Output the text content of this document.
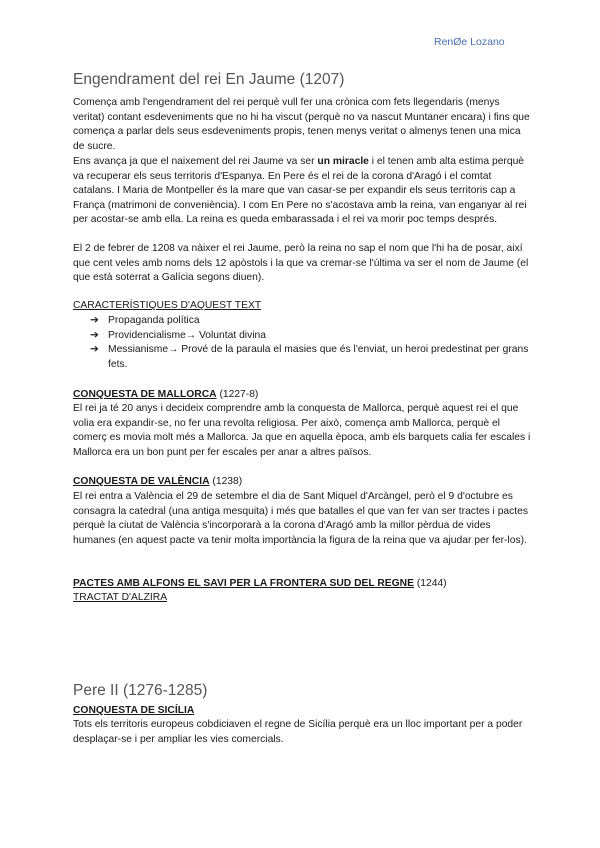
RenØe Lozano
Engendrament del rei En Jaume (1207)
Comença amb l'engendrament del rei perquè vull fer una crònica com fets llegendaris (menys veritat) contant esdeveniments que no hi ha viscut (perquè no va nascut Muntaner encara) i fins que comença a parlar dels seus esdeveniments propis, tenen menys veritat o almenys tenen una mica de sucre.
Ens avança ja que el naixement del rei Jaume va ser un miracle i el tenen amb alta estima perquè va recuperar els seus territoris d'Espanya. En Pere és el rei de la corona d'Aragó i el comtat catalans. I Maria de Montpeller és la mare que van casar-se per expandir els seus territoris cap a França (matrimoni de conveniència). I com En Pere no s'acostava amb la reina, van enganyar al rei per acostar-se amb ella. La reina es queda embarassada i el rei va morir poc temps després.
El 2 de febrer de 1208 va nàixer el rei Jaume, però la reina no sap el nom que l'hi ha de posar, així que cent veles amb noms dels 12 apòstols i la que va cremar-se l'última va ser el nom de Jaume (el que està soterrat a Galícia segons diuen).
CARACTERÍSTIQUES D'AQUEST TEXT
➔ Propaganda política
➔ Providencialisme→ Voluntat divina
➔ Messianisme→ Prové de la paraula el masies que és l'enviat, un heroi predestinat per grans fets.
CONQUESTA DE MALLORCA (1227-8)
El rei ja té 20 anys i decideix comprendre amb la conquesta de Mallorca, perquè aquest rei el que volia era expandir-se, no fer una revolta religiosa. Per això, comença amb Mallorca, perquè el comerç es movia molt més a Mallorca. Ja que en aquella època, amb els barquets calia fer escales i Mallorca era un bon punt per fer escales per anar a altres països.
CONQUESTA DE VALÈNCIA (1238)
El rei entra a València el 29 de setembre el dia de Sant Miquel d'Arcàngel, però el 9 d'octubre es consagra la catedral (una antiga mesquita) i més que batalles el que van fer van ser tractes i pactes perquè la ciutat de València s'incorporarà a la corona d'Aragó amb la millor pèrdua de vides humanes (en aquest pacte va tenir molta importància la figura de la reina que va ajudar per fer-los).
PACTES AMB ALFONS EL SAVI PER LA FRONTERA SUD DEL REGNE (1244)
TRACTAT D'ALZIRA
Pere II (1276-1285)
CONQUESTA DE SICÍLIA
Tots els territoris europeus cobdiciaven el regne de Sicília perquè era un lloc important per a poder desplaçar-se i per ampliar les vies comercials.
